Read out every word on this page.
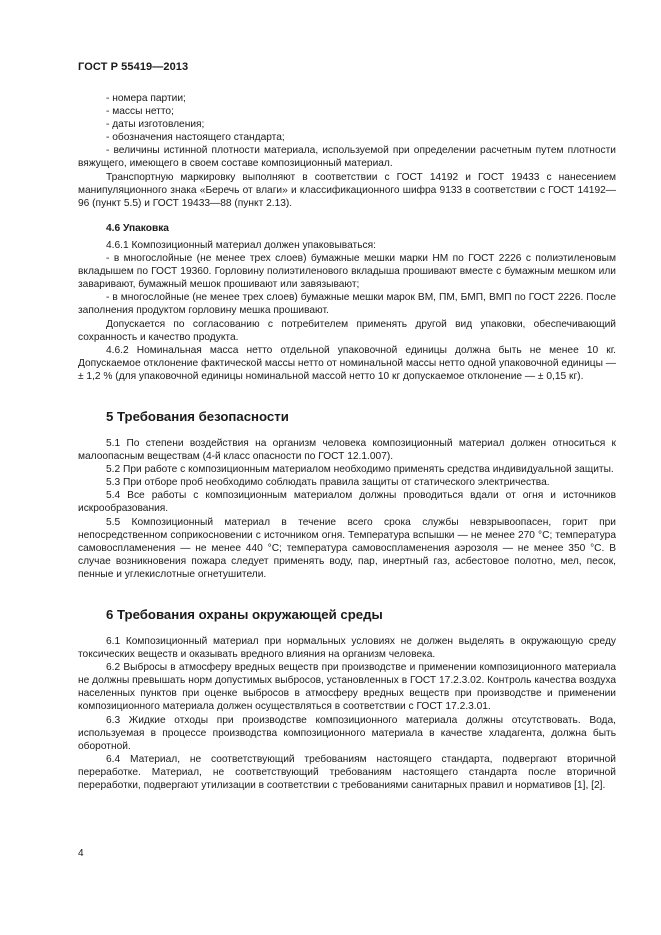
ГОСТ Р 55419—2013

- номера партии;

- массы нетто;

- даты изготовления;

- обозначения настоящего стандарта;

- величины истинной плотности материала, используемой при определении расчетным путем плотности вяжущего, имеющего в своем составе композиционный материал.

Транспортную маркировку выполняют в соответствии с ГОСТ 14192 и ГОСТ 19433 с нанесением манипуляционного знака «Беречь от влаги» и классификационного шифра 9133 в соответствии с ГОСТ 14192—96 (пункт 5.5) и ГОСТ 19433—88 (пункт 2.13).

4.6 Упаковка

4.6.1 Композиционный материал должен упаковываться:

- в многослойные (не менее трех слоев) бумажные мешки марки НМ по ГОСТ 2226 с полиэтиленовым вкладышем по ГОСТ 19360. Горловину полиэтиленового вкладыша прошивают вместе с бумажным мешком или заваривают, бумажный мешок прошивают или завязывают;

- в многослойные (не менее трех слоев) бумажные мешки марок ВМ, ПМ, БМП, ВМП по ГОСТ 2226. После заполнения продуктом горловину мешка прошивают.

Допускается по согласованию с потребителем применять другой вид упаковки, обеспечивающий сохранность и качество продукта.

4.6.2 Номинальная масса нетто отдельной упаковочной единицы должна быть не менее 10 кг. Допускаемое отклонение фактической массы нетто от номинальной массы нетто одной упаковочной единицы — ± 1,2 % (для упаковочной единицы номинальной массой нетто 10 кг допускаемое отклонение — ± 0,15 кг).

5 Требования безопасности

5.1 По степени воздействия на организм человека композиционный материал должен относиться к малоопасным веществам (4-й класс опасности по ГОСТ 12.1.007).

5.2 При работе с композиционным материалом необходимо применять средства индивидуальной защиты.

5.3 При отборе проб необходимо соблюдать правила защиты от статического электричества.

5.4 Все работы с композиционным материалом должны проводиться вдали от огня и источников искрообразования.

5.5 Композиционный материал в течение всего срока службы невзрывоопасен, горит при непосредственном соприкосновении с источником огня. Температура вспышки — не менее 270 °С; температура самовоспламенения — не менее 440 °С; температура самовоспламенения аэрозоля — не менее 350 °С. В случае возникновения пожара следует применять воду, пар, инертный газ, асбестовое полотно, мел, песок, пенные и углекислотные огнетушители.

6 Требования охраны окружающей среды

6.1 Композиционный материал при нормальных условиях не должен выделять в окружающую среду токсических веществ и оказывать вредного влияния на организм человека.

6.2 Выбросы в атмосферу вредных веществ при производстве и применении композиционного материала не должны превышать норм допустимых выбросов, установленных в ГОСТ 17.2.3.02. Контроль качества воздуха населенных пунктов при оценке выбросов в атмосферу вредных веществ при производстве и применении композиционного материала должен осуществляться в соответствии с ГОСТ 17.2.3.01.

6.3 Жидкие отходы при производстве композиционного материала должны отсутствовать. Вода, используемая в процессе производства композиционного материала в качестве хладагента, должна быть оборотной.

6.4 Материал, не соответствующий требованиям настоящего стандарта, подвергают вторичной переработке. Материал, не соответствующий требованиям настоящего стандарта после вторичной переработки, подвергают утилизации в соответствии с требованиями санитарных правил и нормативов [1], [2].

4
